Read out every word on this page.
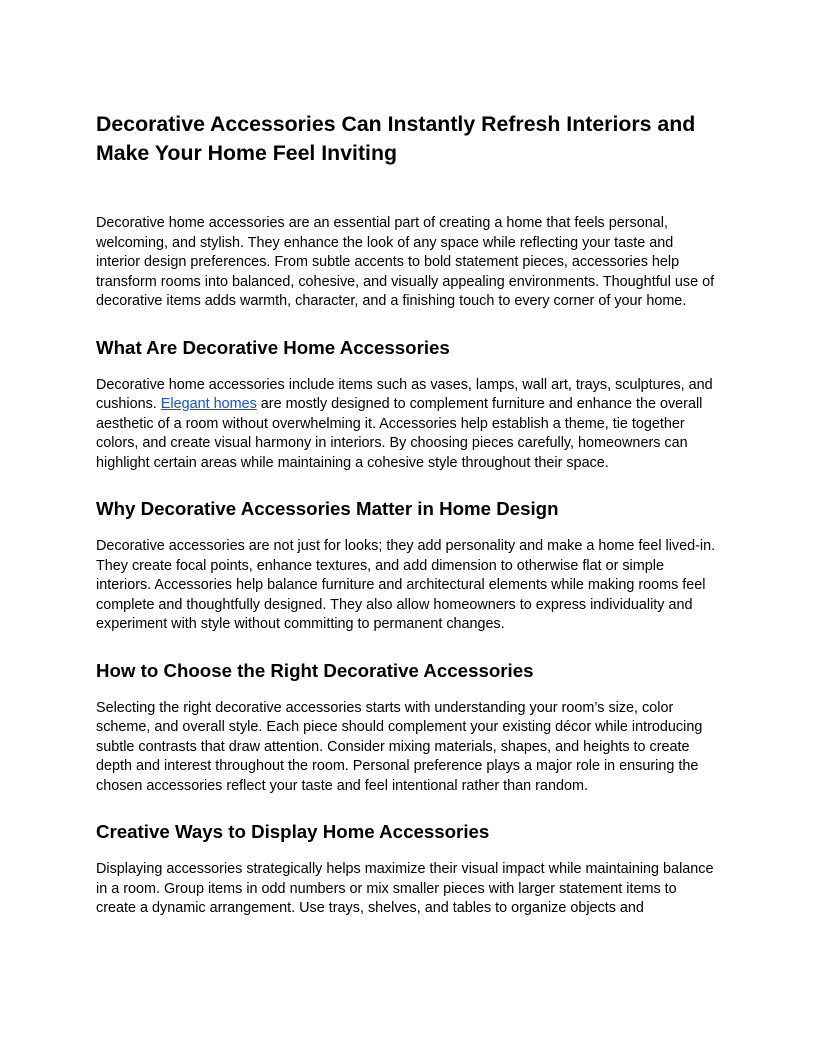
Decorative Accessories Can Instantly Refresh Interiors and Make Your Home Feel Inviting

Decorative home accessories are an essential part of creating a home that feels personal, welcoming, and stylish. They enhance the look of any space while reflecting your taste and interior design preferences. From subtle accents to bold statement pieces, accessories help transform rooms into balanced, cohesive, and visually appealing environments. Thoughtful use of decorative items adds warmth, character, and a finishing touch to every corner of your home.

What Are Decorative Home Accessories

Decorative home accessories include items such as vases, lamps, wall art, trays, sculptures, and cushions. Elegant homes are mostly designed to complement furniture and enhance the overall aesthetic of a room without overwhelming it. Accessories help establish a theme, tie together colors, and create visual harmony in interiors. By choosing pieces carefully, homeowners can highlight certain areas while maintaining a cohesive style throughout their space.

Why Decorative Accessories Matter in Home Design

Decorative accessories are not just for looks; they add personality and make a home feel lived-in. They create focal points, enhance textures, and add dimension to otherwise flat or simple interiors. Accessories help balance furniture and architectural elements while making rooms feel complete and thoughtfully designed. They also allow homeowners to express individuality and experiment with style without committing to permanent changes.

How to Choose the Right Decorative Accessories

Selecting the right decorative accessories starts with understanding your room’s size, color scheme, and overall style. Each piece should complement your existing décor while introducing subtle contrasts that draw attention. Consider mixing materials, shapes, and heights to create depth and interest throughout the room. Personal preference plays a major role in ensuring the chosen accessories reflect your taste and feel intentional rather than random.

Creative Ways to Display Home Accessories

Displaying accessories strategically helps maximize their visual impact while maintaining balance in a room. Group items in odd numbers or mix smaller pieces with larger statement items to create a dynamic arrangement. Use trays, shelves, and tables to organize objects and
